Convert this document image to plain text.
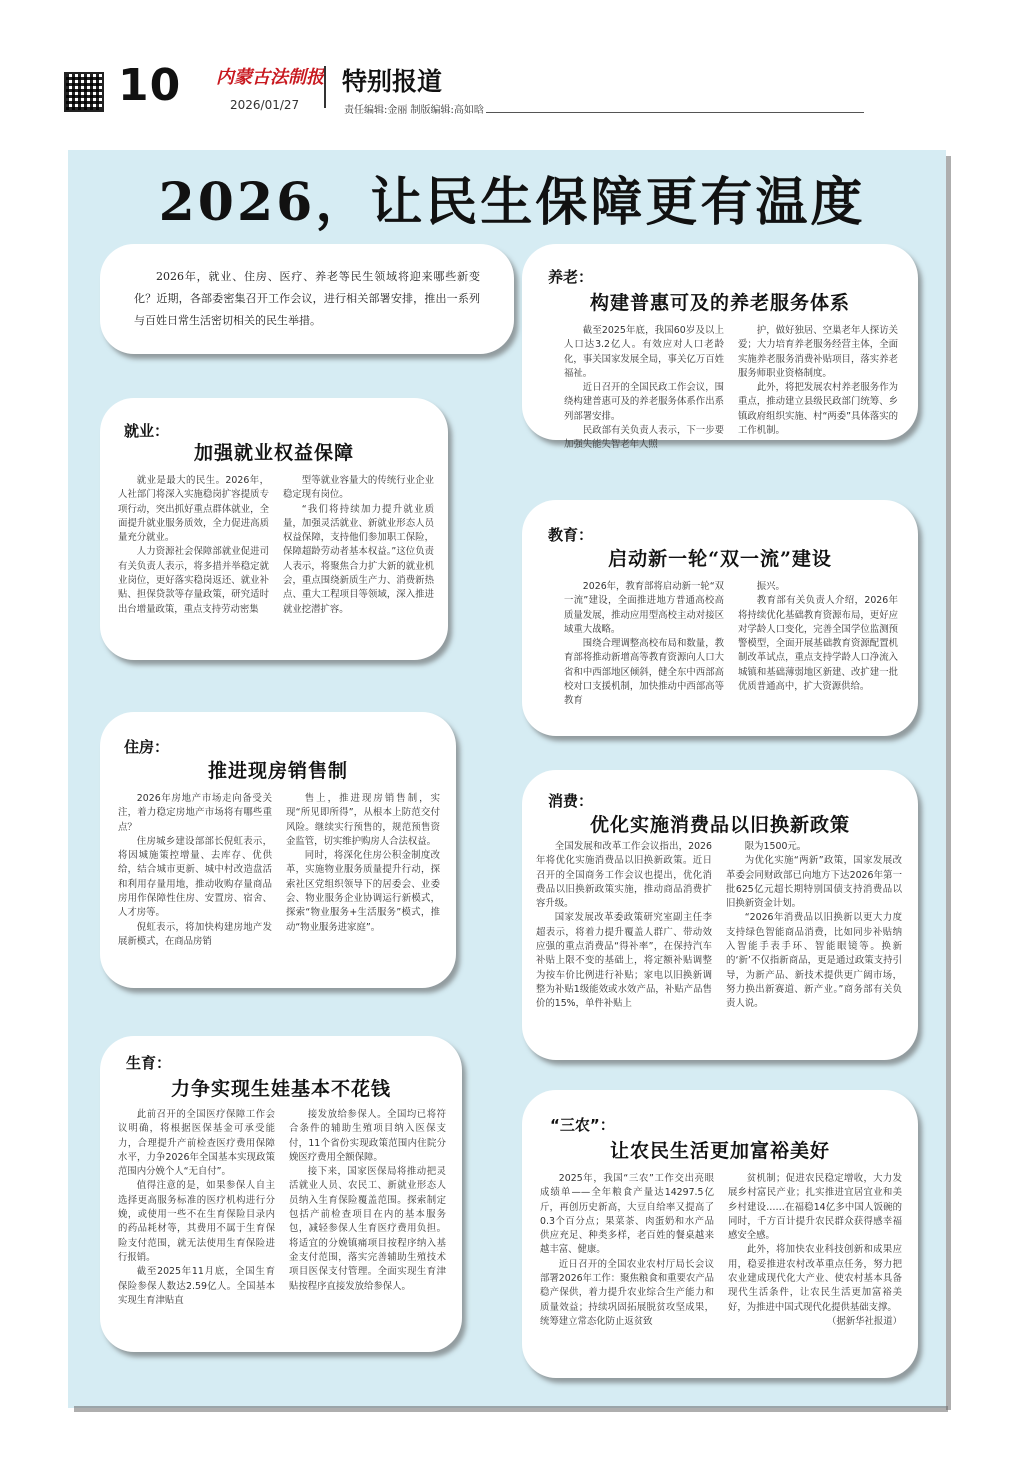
10 内蒙古法制报
2026/01/27
特别报道
责任编辑:金丽 制版编辑:高如晗
2026，让民生保障更有温度

2026年，就业、住房、医疗、养老等民生领域将迎来哪些新变化？近期，各部委密集召开工作会议，进行相关部署安排，推出一系列与百姓日常生活密切相关的民生举措。

养老：
构建普惠可及的养老服务体系

截至2025年底，我国60岁及以上人口达3.2亿人。有效应对人口老龄化，事关国家发展全局，事关亿万百姓福祉。

近日召开的全国民政工作会议，围绕构建普惠可及的养老服务体系作出系列部署安排。

民政部有关负责人表示，下一步要加强失能失智老年人照

护，做好独居、空巢老年人探访关爱；大力培育养老服务经营主体，全面实施养老服务消费补贴项目，落实养老服务师职业资格制度。

此外，将把发展农村养老服务作为重点，推动建立县级民政部门统筹、乡镇政府组织实施、村“两委”具体落实的工作机制。

就业：
加强就业权益保障

就业是最大的民生。2026年，人社部门将深入实施稳岗扩容提质专项行动，突出抓好重点群体就业，全面提升就业服务质效，全力促进高质量充分就业。

人力资源社会保障部就业促进司有关负责人表示，将多措并举稳定就业岗位，更好落实稳岗返还、就业补贴、担保贷款等存量政策，研究适时出台增量政策，重点支持劳动密集

型等就业容量大的传统行业企业稳定现有岗位。

“我们将持续加力提升就业质量，加强灵活就业、新就业形态人员权益保障，支持他们参加职工保险，保障超龄劳动者基本权益。”这位负责人表示，将聚焦合力扩大新的就业机会，重点围绕新质生产力、消费新热点、重大工程项目等领域，深入推进就业挖潜扩容。

教育：
启动新一轮“双一流”建设

2026年，教育部将启动新一轮“双一流”建设，全面推进地方普通高校高质量发展，推动应用型高校主动对接区域重大战略。

围绕合理调整高校布局和数量，教育部将推动新增高等教育资源向人口大省和中西部地区倾斜，健全东中西部高校对口支援机制，加快推动中西部高等教育

振兴。

教育部有关负责人介绍，2026年将持续优化基础教育资源布局，更好应对学龄人口变化，完善全国学位监测预警模型，全面开展基础教育资源配置机制改革试点，重点支持学龄人口净流入城镇和基础薄弱地区新建、改扩建一批优质普通高中，扩大资源供给。

住房：
推进现房销售制

2026年房地产市场走向备受关注，着力稳定房地产市场将有哪些重点？

住房城乡建设部部长倪虹表示，将因城施策控增量、去库存、优供给，结合城市更新、城中村改造盘活和利用存量用地，推动收购存量商品房用作保障性住房、安置房、宿舍、人才房等。

倪虹表示，将加快构建房地产发展新模式，在商品房销

售上，推进现房销售制，实现“所见即所得”，从根本上防范交付风险。继续实行预售的，规范预售资金监管，切实维护购房人合法权益。

同时，将深化住房公积金制度改革，实施物业服务质量提升行动，探索社区党组织领导下的居委会、业委会、物业服务企业协调运行新模式，探索“物业服务+生活服务”模式，推动“物业服务进家庭”。

消费：
优化实施消费品以旧换新政策

全国发展和改革工作会议指出，2026年将优化实施消费品以旧换新政策。近日召开的全国商务工作会议也提出，优化消费品以旧换新政策实施，推动商品消费扩容升级。

国家发展改革委政策研究室副主任李超表示，将着力提升覆盖人群广、带动效应强的重点消费品“得补率”，在保持汽车补贴上限不变的基础上，将定额补贴调整为按车价比例进行补贴；家电以旧换新调整为补贴1级能效或水效产品，补贴产品售价的15%，单件补贴上

限为1500元。

为优化实施“两新”政策，国家发展改革委会同财政部已向地方下达2026年第一批625亿元超长期特别国债支持消费品以旧换新资金计划。

“2026年消费品以旧换新以更大力度支持绿色智能商品消费，比如同步补贴纳入智能手表手环、智能眼镜等。换新的‘新’不仅指新商品，更是通过政策支持引导，为新产品、新技术提供更广阔市场，努力换出新赛道、新产业。”商务部有关负责人说。

生育：
力争实现生娃基本不花钱

此前召开的全国医疗保障工作会议明确，将根据医保基金可承受能力，合理提升产前检查医疗费用保障水平，力争2026年全国基本实现政策范围内分娩个人“无自付”。

值得注意的是，如果参保人自主选择更高服务标准的医疗机构进行分娩，或使用一些不在生育保险目录内的药品耗材等，其费用不属于生育保险支付范围，就无法使用生育保险进行报销。

截至2025年11月底，全国生育保险参保人数达2.59亿人。全国基本实现生育津贴直

接发放给参保人。全国均已将符合条件的辅助生殖项目纳入医保支付，11个省份实现政策范围内住院分娩医疗费用全额保障。

接下来，国家医保局将推动把灵活就业人员、农民工、新就业形态人员纳入生育保险覆盖范围。探索制定包括产前检查项目在内的基本服务包，减轻参保人生育医疗费用负担。将适宜的分娩镇痛项目按程序纳入基金支付范围，落实完善辅助生殖技术项目医保支付管理。全面实现生育津贴按程序直接发放给参保人。

“三农”：
让农民生活更加富裕美好

2025年，我国“三农”工作交出亮眼成绩单——全年粮食产量达14297.5亿斤，再创历史新高，大豆自给率又提高了0.3个百分点；果菜茶、肉蛋奶和水产品供应充足、种类多样，老百姓的餐桌越来越丰富、健康。

近日召开的全国农业农村厅局长会议部署2026年工作：聚焦粮食和重要农产品稳产保供，着力提升农业综合生产能力和质量效益；持续巩固拓展脱贫攻坚成果，统筹建立常态化防止返贫致

贫机制；促进农民稳定增收，大力发展乡村富民产业；扎实推进宜居宜业和美乡村建设……在福稳14亿多中国人饭碗的同时，千方百计提升农民群众获得感幸福感安全感。

此外，将加快农业科技创新和成果应用，稳妥推进农村改革重点任务，努力把农业建成现代化大产业、使农村基本具备现代生活条件，让农民生活更加富裕美好，为推进中国式现代化提供基础支撑。

（据新华社报道）
